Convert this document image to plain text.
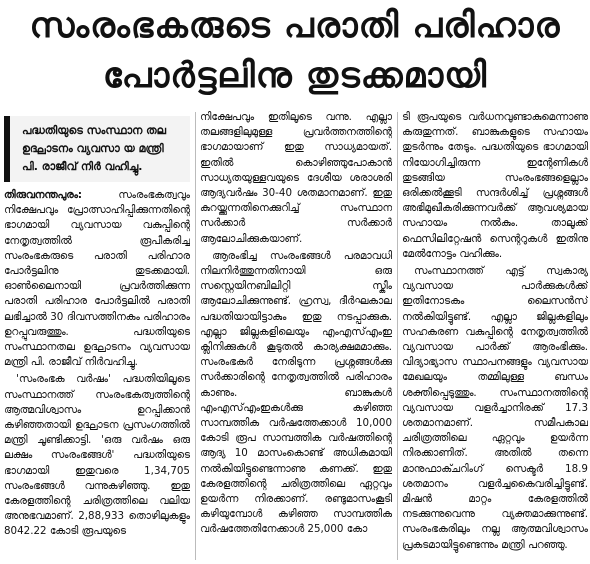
സംരംഭകരുടെ പരാതി പരിഹാര
പോർട്ടലിനു തുടക്കമായി
പദ്ധതിയുടെ സംസ്ഥാന തല ഉദ്ഘാടനം വ്യവസാ യ മന്ത്രി പി. രാജീവ് നിർ വഹിച്ചു.

തിരുവനന്തപുരം:	സംരംഭകത്വവും നിക്ഷേപവും പ്രോത്സാഹിപ്പിക്കുന്നതിന്റെ ഭാഗമായി വ്യവസായ വകുപ്പിന്റെ നേതൃത്വത്തിൽ രൂപീകരിച്ച സംരംഭകരുടെ പരാതി പരിഹാര പോർട്ടലിനു തുടക്കമായി. ഓൺലൈനായി പ്രവർത്തിക്കുന്ന പരാതി പരിഹാര പോർട്ടലിൽ പരാതി ലഭിച്ചാൽ 30 ദിവസത്തിനകം പരിഹാരം ഉറപ്പുവരുത്തും. പദ്ധതിയുടെ സംസ്ഥാനതല ഉദ്ഘാടനം വ്യവസായ മന്ത്രി പി. രാജീവ് നിർവഹിച്ചു.

'സംരംഭക വർഷം' പദ്ധതിയിലൂടെ സംസ്ഥാനത്ത് സംരംഭകത്വത്തിന്റെ ആത്മവിശ്വാസം ഉറപ്പിക്കാൻ കഴിഞ്ഞതായി ഉദ്ഘാടന പ്രസംഗത്തിൽ മന്ത്രി ചൂണ്ടിക്കാട്ടി. 'ഒരു വർഷം ഒരു ലക്ഷം സംരംഭങ്ങൾ' പദ്ധതിയുടെ ഭാഗമായി ഇതുവരെ 1,34,705 സംരംഭങ്ങൾ വന്നുകഴിഞ്ഞു. ഇതു കേരളത്തിന്റെ ചരിത്രത്തിലെ വലിയ അനുഭവമാണ്. 2,88,933 തൊഴിലുകളും 8042.22 കോടി രൂപയുടെ

നിക്ഷേപവും ഇതിലൂടെ വന്നു. എല്ലാ തലങ്ങളിലുമുള്ള പ്രവർത്തനത്തിന്റെ ഭാഗമായാണ് ഇതു സാധ്യമായത്. ഇതിൽ കൊഴിഞ്ഞുപോകാൻ സാധ്യതയുള്ളവയുടെ ദേശീയ ശരാശരി ആദ്യവർഷം 30-40 ശതമാനമാണ്. ഇതു കുറയ്ക്കുന്നതിനെക്കുറിച്ച് സംസ്ഥാന സർക്കാർ സർക്കാർ ആലോചിക്കുകയാണ്.

ആരംഭിച്ച സംരംഭങ്ങൾ പരമാവധി നിലനിർത്തുന്നതിനായി ഒരു സസ്റ്റെയിനബിലിറ്റി സ്കീം ആലോചിക്കുന്നുണ്ട്. ഹ്രസ്വ, ദീർഘകാല പദ്ധതിയായിട്ടാകും ഇതു നടപ്പാക്കുക. എല്ലാ ജില്ലകളിലെയും എംഎസ്എംഇ ക്ലിനിക്കുകൾ കൂടുതൽ കാര്യക്ഷമമാക്കും. സംരംഭകർ നേരിടുന്ന പ്രശ്നങ്ങൾക്കു സർക്കാരിന്റെ നേതൃത്വത്തിൽ പരിഹാരം കാണും. ബാങ്കുകൾ എംഎസ്എംഇകൾക്കു കഴിഞ്ഞ സാമ്പത്തിക വർഷത്തേക്കാൾ 10,000 കോടി രൂപ സാമ്പത്തിക വർഷത്തിന്റെ ആദ്യ 10 മാസംകൊണ്ട് അധികമായി നൽകിയിട്ടുണ്ടെന്നാണു കണക്ക്. ഇതു കേരളത്തിന്റെ ചരിത്രത്തിലെ ഏറ്റവും ഉയർന്ന നിരക്കാണ്. രണ്ടുമാസംകൂടി കഴിയുമ്പോൾ കഴിഞ്ഞ സാമ്പത്തിക വർഷത്തേതിനേക്കാൾ 25,000 കോ

ടി രൂപയുടെ വർധനവുണ്ടാകുമെന്നാണു കരുതുന്നത്. ബാങ്കുകളുടെ സഹായം തുടർന്നും തേടും. പദ്ധതിയുടെ ഭാഗമായി നിയോഗിച്ചിരുന്ന ഇന്റേണികൾ തുടങ്ങിയ സംരംഭങ്ങളെല്ലാം ഒരിക്കൽക്കൂടി സന്ദർശിച്ച് പ്രശ്നങ്ങൾ അഭിമുഖീകരിക്കുന്നവർക്ക് ആവശ്യമായ സഹായം നൽകും. താലൂക്ക് ഫെസിലിറ്റേഷൻ സെന്ററുകൾ ഇതിനു മേൽനോട്ടം വഹിക്കും.

സംസ്ഥാനത്ത് എട്ട് സ്വകാര്യ വ്യവസായ പാർക്കുകൾക്ക് ഇതിനോടകം ലൈസൻസ് നൽകിയിട്ടുണ്ട്. എല്ലാ ജില്ലകളിലും സഹകരണ വകുപ്പിന്റെ നേതൃത്വത്തിൽ വ്യവസായ പാർക്ക് ആരംഭിക്കും. വിദ്യാഭ്യാസ സ്ഥാപനങ്ങളും വ്യവസായ മേഖലയും തമ്മിലുള്ള ബന്ധം ശക്തിപ്പെടുത്തും. സംസ്ഥാനത്തിന്റെ വ്യവസായ വളർച്ചാനിരക്ക് 17.3 ശതമാനമാണ്. സമീപകാല ചരിത്രത്തിലെ ഏറ്റവും ഉയർന്ന നിരക്കാണിത്. അതിൽ തന്നെ മാനുഫാക്ചറിംഗ് സെക്ടർ 18.9 ശതമാനം വളർച്ചകൈവരിച്ചിട്ടുണ്ട്. മിഷൻ മാറ്റം കേരളത്തിൽ നടക്കുന്നുവെന്നു വ്യക്തമാക്കുന്നുണ്ട്. സംരംഭകരിലും നല്ല ആത്മവിശ്വാസം പ്രകടമായിട്ടുണ്ടെന്നും മന്ത്രി പറഞ്ഞു.
